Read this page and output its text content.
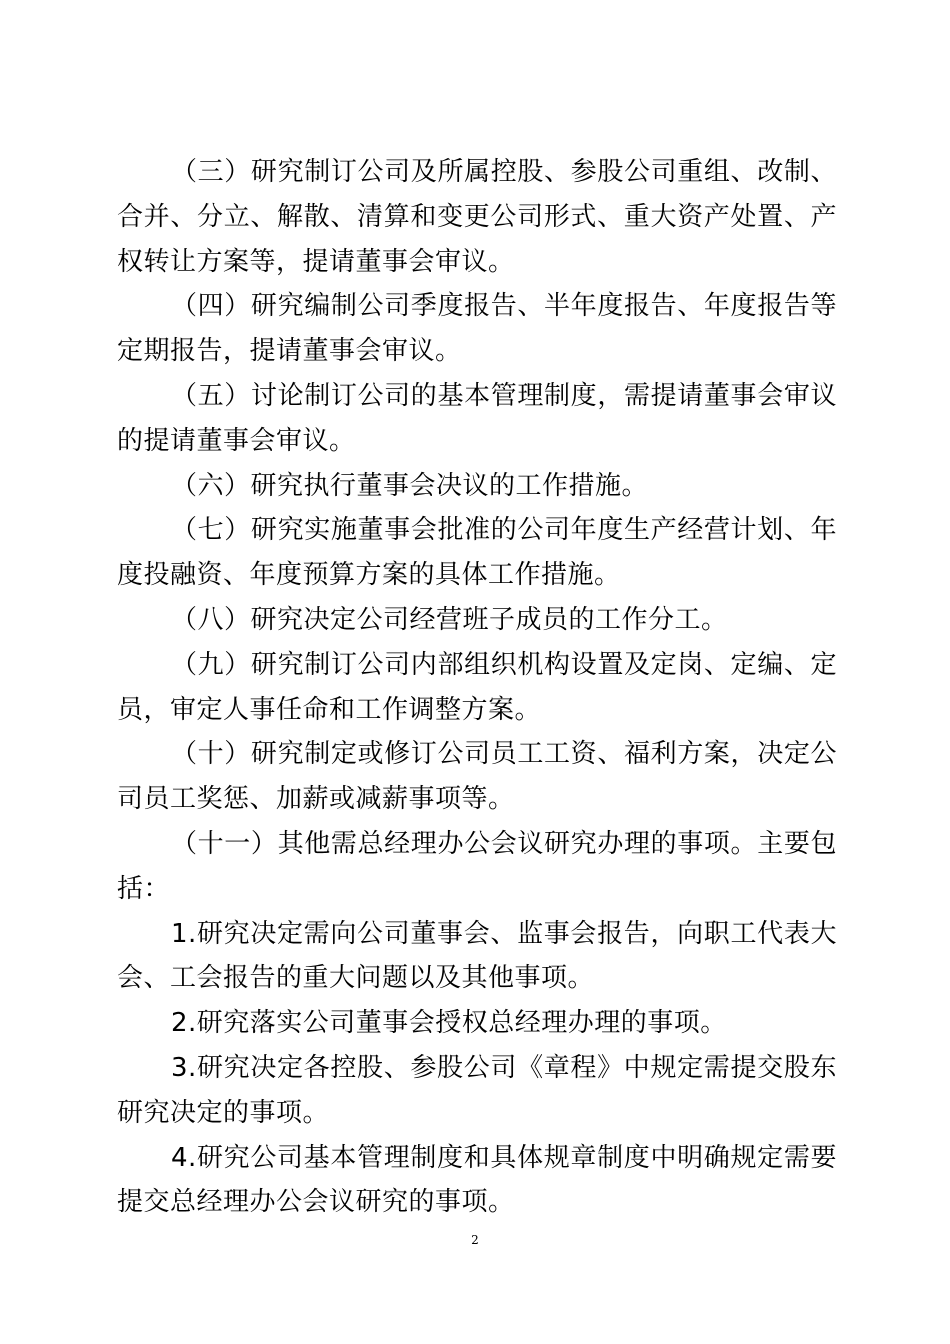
（三）研究制订公司及所属控股、参股公司重组、改制、合并、分立、解散、清算和变更公司形式、重大资产处置、产权转让方案等，提请董事会审议。

（四）研究编制公司季度报告、半年度报告、年度报告等定期报告，提请董事会审议。

（五）讨论制订公司的基本管理制度，需提请董事会审议的提请董事会审议。

（六）研究执行董事会决议的工作措施。

（七）研究实施董事会批准的公司年度生产经营计划、年度投融资、年度预算方案的具体工作措施。

（八）研究决定公司经营班子成员的工作分工。

（九）研究制订公司内部组织机构设置及定岗、定编、定员，审定人事任命和工作调整方案。

（十）研究制定或修订公司员工工资、福利方案，决定公司员工奖惩、加薪或减薪事项等。

（十一）其他需总经理办公会议研究办理的事项。主要包括：

1.研究决定需向公司董事会、监事会报告，向职工代表大会、工会报告的重大问题以及其他事项。

2.研究落实公司董事会授权总经理办理的事项。

3.研究决定各控股、参股公司《章程》中规定需提交股东研究决定的事项。

4.研究公司基本管理制度和具体规章制度中明确规定需要提交总经理办公会议研究的事项。

2
